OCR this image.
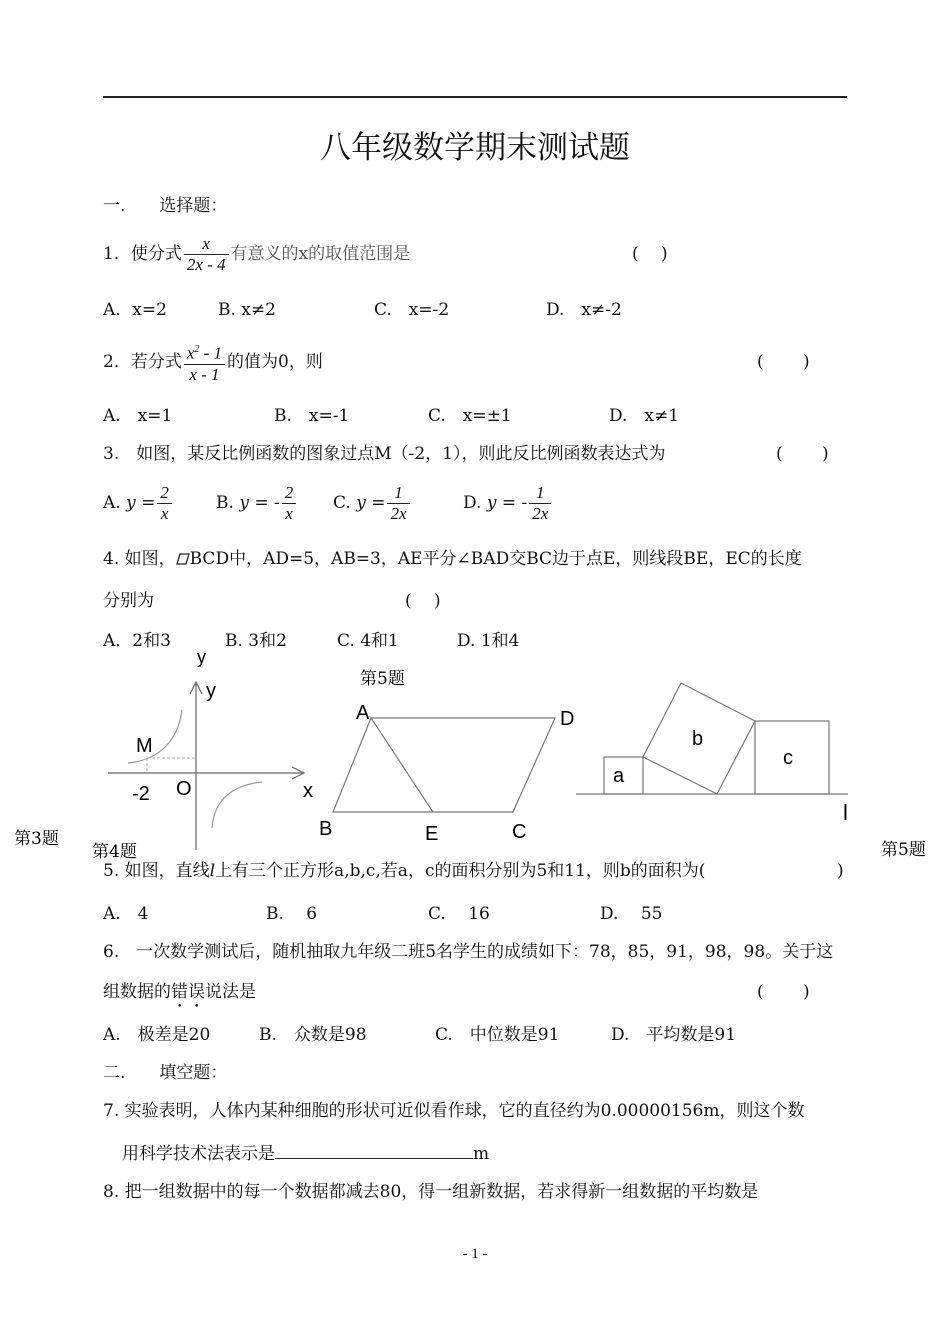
八年级数学期末测试题
一.　　选择题：
1．使分式 $\frac{x}{2x - 4}$ 有意义的x的取值范围是	(　 )
A．x=2	B. x≠2	C.　x=-2	D.　x≠-2
2．若分式 $\frac{x^2 - 1}{x - 1}$ 的值为0，则	(　　 )
A.　x=1	B.　x=-1	C.　x=±1	D.　x≠1
3.　如图，某反比例函数的图象过点M（-2，1），则此反比例函数表达式为	(　　 )
A. $y = \frac{2}{x}$	B. y = - $\frac{2}{x} C$. $y = \frac{1}{2x}$	D. y = - $\frac{1}{2x}$
4. 如图， BCD中，AD=5，AB=3，AE平分∠BAD交BC边于点E，则线段BE，EC的长度
分别为	(　 )
A．2和3	B. 3和2	C. 4和1	D. 1和4
y
y
x
M
-2 O
A	D
B	E	C
第5题
a
b
c
l
第3题
第4题	第5题
5. 如图，直线l上有三个正方形a,b,c,若a，c的面积分别为5和11，则b的面积为(	)
A.　4	B.　 6	C.　 16	D.　 55
6.　一次数学测试后，随机抽取九年级二班5名学生的成绩如下：78，85，91，98，98。关于这
组数据的错误说法是	(　　 )
A.　极差是20	B.　众数是98	C.　中位数是91	D.　平均数是91
二.　　填空题：
7. 实验表明，人体内某种细胞的形状可近似看作球，它的直径约为0.00000156m，则这个数
用科学技术法表示是	m
8. 把一组数据中的每一个数据都减去80，得一组新数据，若求得新一组数据的平均数是
- 1 -
